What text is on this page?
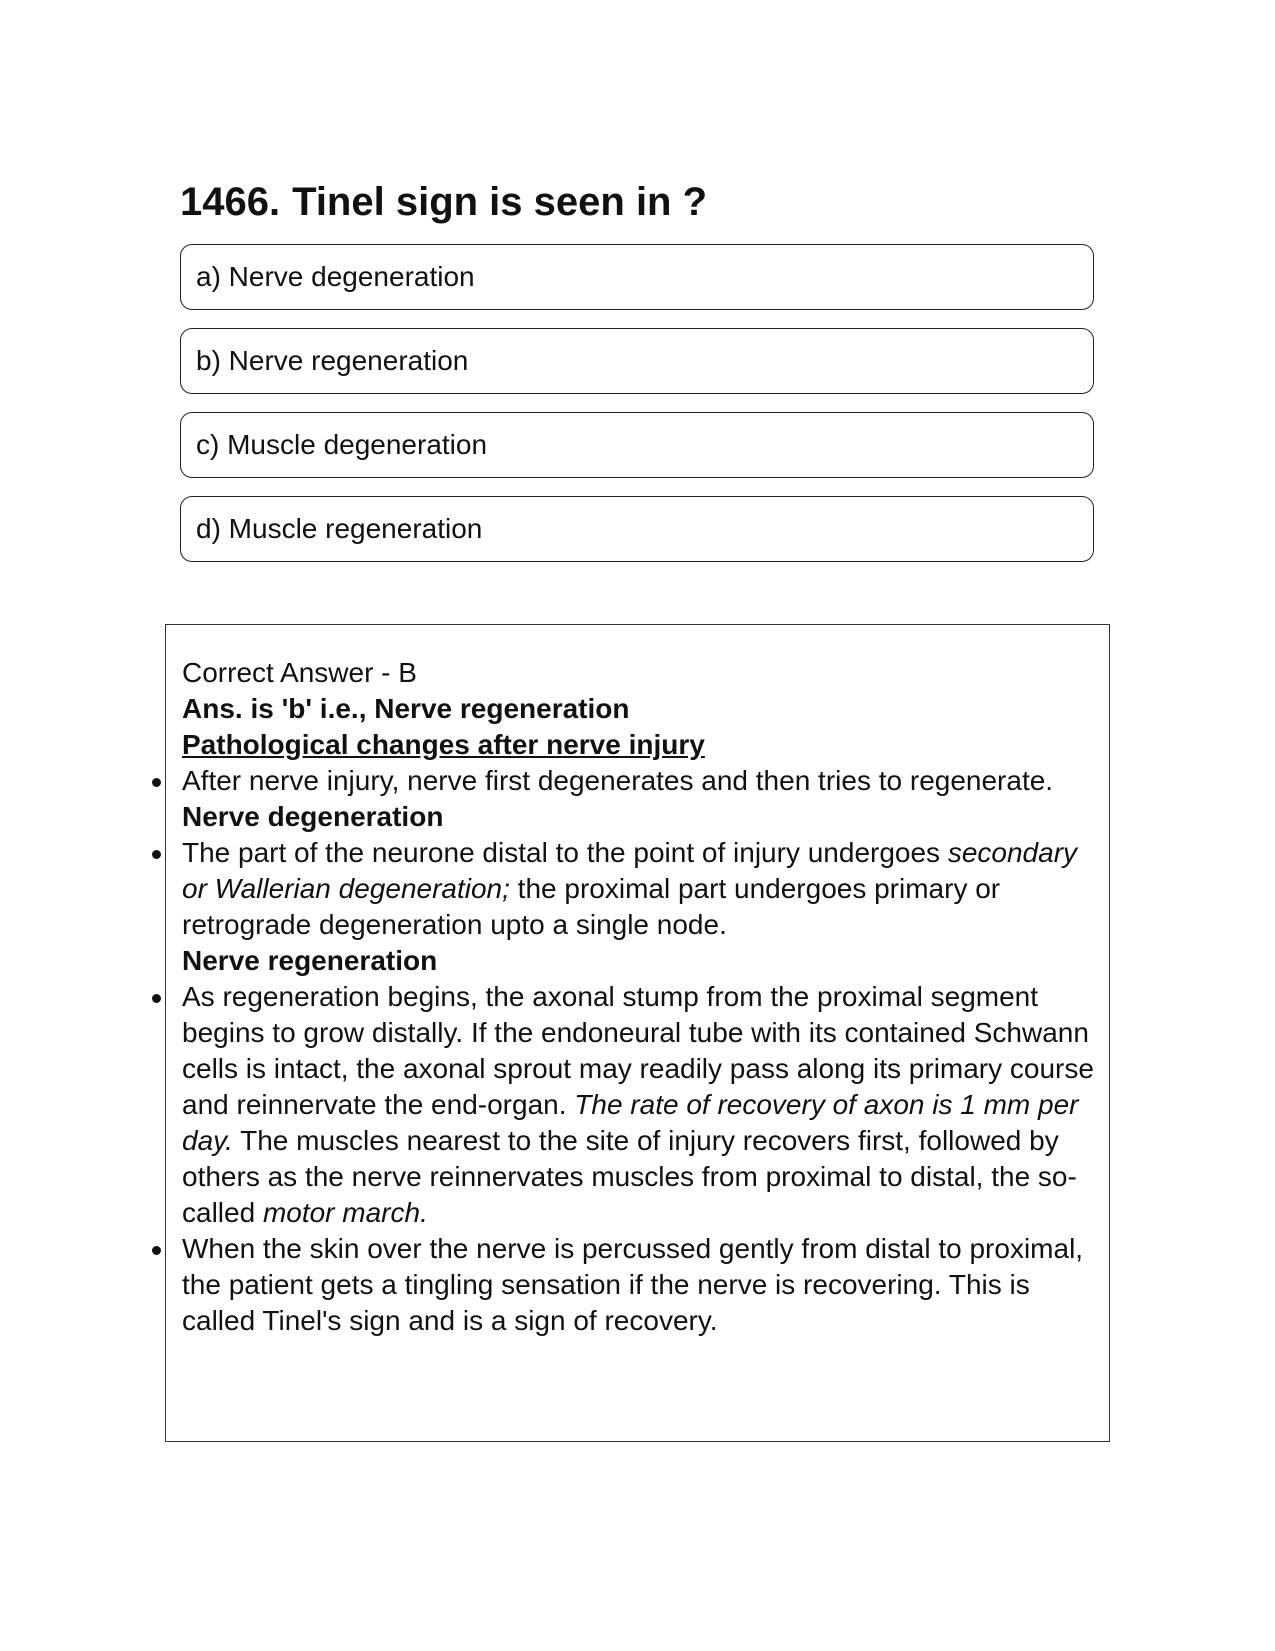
1466. Tinel sign is seen in ?
a) Nerve degeneration
b) Nerve regeneration
c) Muscle degeneration
d) Muscle regeneration

Correct Answer - B

Ans. is 'b' i.e., Nerve regeneration

Pathological changes after nerve injury

After nerve injury, nerve first degenerates and then tries to regenerate.

Nerve degeneration

The part of the neurone distal to the point of injury undergoes secondary or Wallerian degeneration; the proximal part undergoes primary or retrograde degeneration upto a single node.

Nerve regeneration

As regeneration begins, the axonal stump from the proximal segment begins to grow distally. If the endoneural tube with its contained Schwann cells is intact, the axonal sprout may readily pass along its primary course and reinnervate the end-organ. The rate of recovery of axon is 1 mm per day. The muscles nearest to the site of injury recovers first, followed by others as the nerve reinnervates muscles from proximal to distal, the so-called motor march.
When the skin over the nerve is percussed gently from distal to proximal, the patient gets a tingling sensation if the nerve is recovering. This is called Tinel's sign and is a sign of recovery.
